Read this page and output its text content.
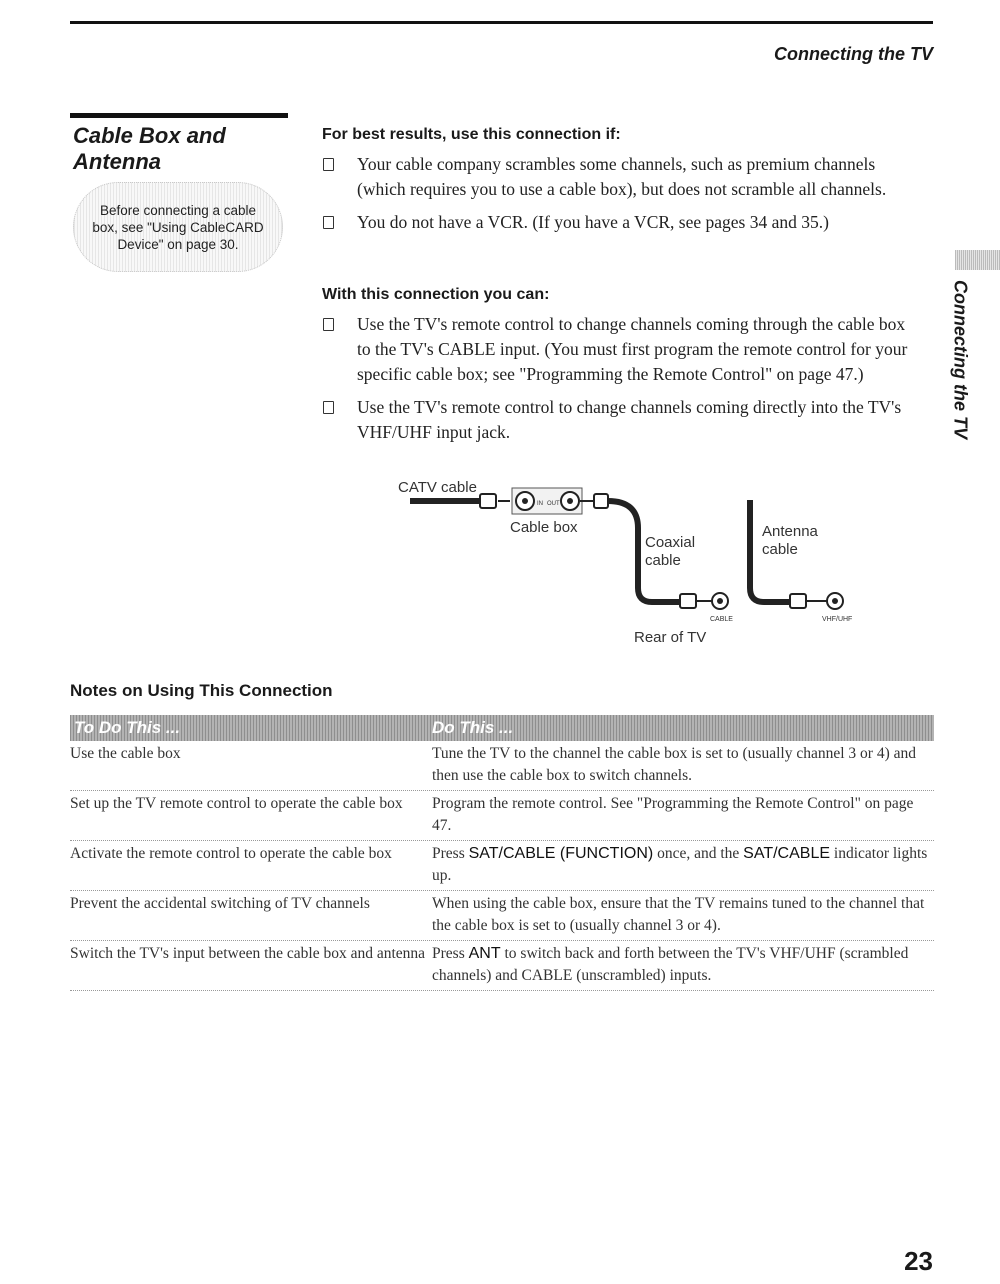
Connecting the TV
Cable Box and Antenna
Before connecting a cable box, see "Using CableCARD Device" on page 30.
For best results, use this connection if:
Your cable company scrambles some channels, such as premium channels (which requires you to use a cable box), but does not scramble all channels.
You do not have a VCR. (If you have a VCR, see pages 34 and 35.)
With this connection you can:
Use the TV's remote control to change channels coming through the cable box to the TV's CABLE input. (You must first program the remote control for your specific cable box; see "Programming the Remote Control" on page 47.)
Use the TV's remote control to change channels coming directly into the TV's VHF/UHF input jack.
CATV cable
IN OUT
Cable box
Coaxial
cable
Antenna
cable
CABLE	VHF/UHF
Rear of TV
Connecting the TV
Notes on Using This Connection
To Do This ...	Do This ...
Use the cable box	Tune the TV to the channel the cable box is set to (usually channel 3 or 4) and then use the cable box to switch channels.
Set up the TV remote control to operate the cable box	Program the remote control. See "Programming the Remote Control" on page 47.
Activate the remote control to operate the cable box	Press SAT/CABLE (FUNCTION) once, and the SAT/CABLE indicator lights up.
Prevent the accidental switching of TV channels	When using the cable box, ensure that the TV remains tuned to the channel that the cable box is set to (usually channel 3 or 4).
Switch the TV's input between the cable box and antenna Press ANT to switch back and forth between the TV's VHF/UHF (scrambled channels) and CABLE (unscrambled) inputs.
23
